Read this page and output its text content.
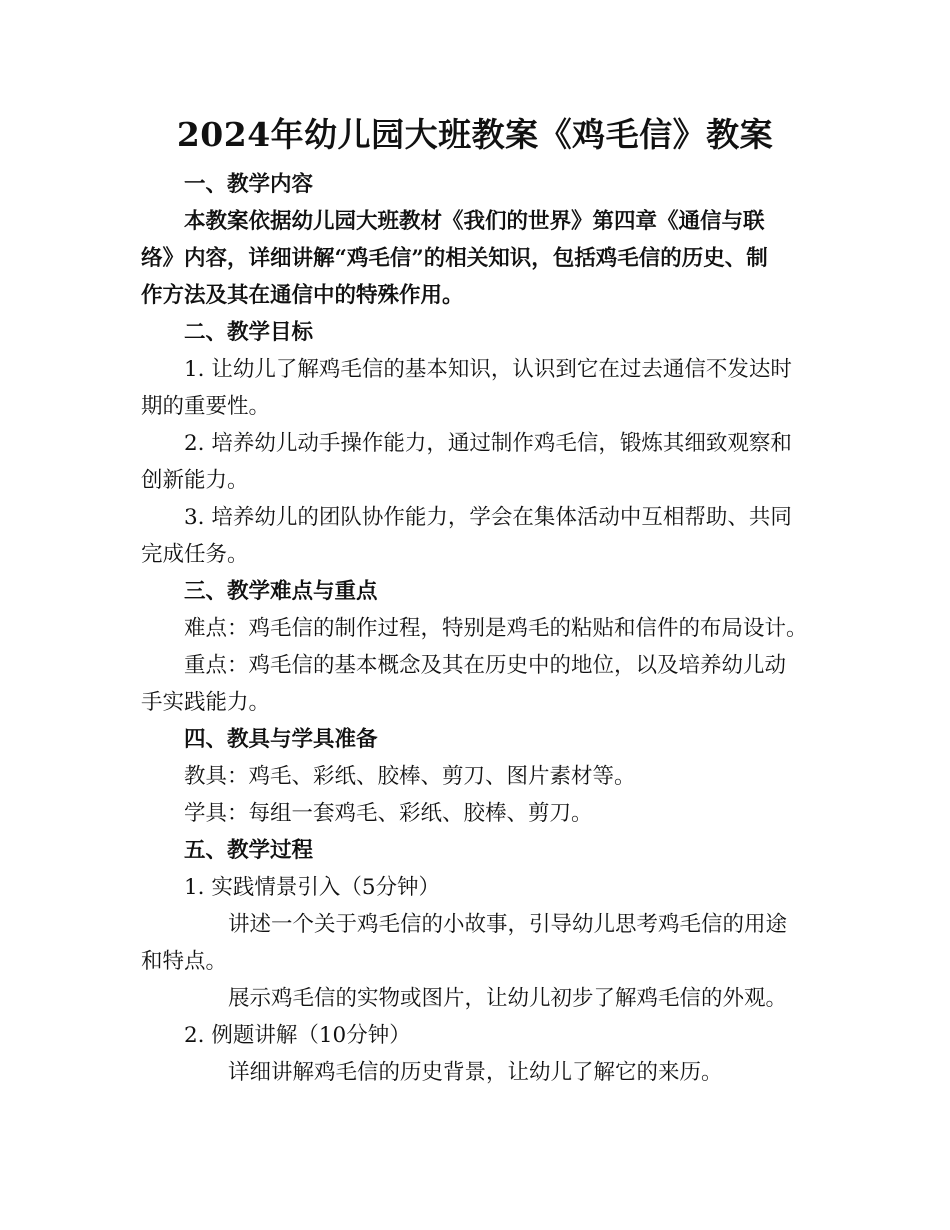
2024年幼儿园大班教案《鸡毛信》教案
一、教学内容
本教案依据幼儿园大班教材《我们的世界》第四章《通信与联
络》内容，详细讲解“鸡毛信”的相关知识，包括鸡毛信的历史、制
作方法及其在通信中的特殊作用。
二、教学目标
1. 让幼儿了解鸡毛信的基本知识，认识到它在过去通信不发达时
期的重要性。
2. 培养幼儿动手操作能力，通过制作鸡毛信，锻炼其细致观察和
创新能力。
3. 培养幼儿的团队协作能力，学会在集体活动中互相帮助、共同
完成任务。
三、教学难点与重点
难点：鸡毛信的制作过程，特别是鸡毛的粘贴和信件的布局设计。
重点：鸡毛信的基本概念及其在历史中的地位，以及培养幼儿动
手实践能力。
四、教具与学具准备
教具：鸡毛、彩纸、胶棒、剪刀、图片素材等。
学具：每组一套鸡毛、彩纸、胶棒、剪刀。
五、教学过程
1. 实践情景引入（5分钟）
讲述一个关于鸡毛信的小故事，引导幼儿思考鸡毛信的用途
和特点。
展示鸡毛信的实物或图片，让幼儿初步了解鸡毛信的外观。
2. 例题讲解（10分钟）
详细讲解鸡毛信的历史背景，让幼儿了解它的来历。
